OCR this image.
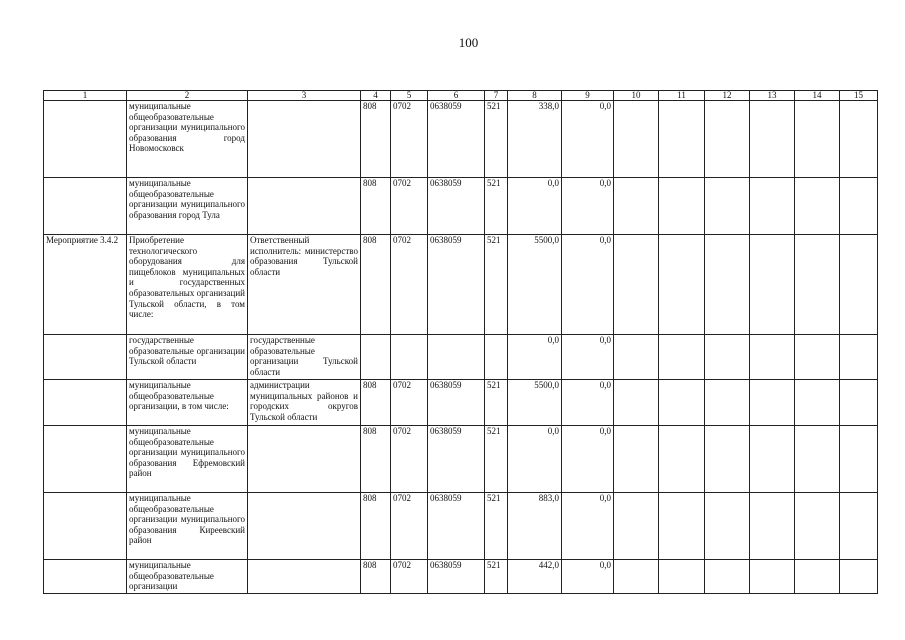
100
1	2	3	4	5	6	7	8	9	10	11	12	13	14	15
	муниципальные общеобразовательные организации муниципального образования город Новомосковск		808	0702	0638059	521	338,0	0,0						
	муниципальные общеобразовательные организации муниципального образования город Тула		808	0702	0638059	521	0,0	0,0						
Мероприятие 3.4.2	Приобретение технологического оборудования для пищеблоков муниципальных и государственных образовательных организаций Тульской области, в том числе:	Ответственный исполнитель: министерство образования Тульской области	808	0702	0638059	521	5500,0	0,0						
	государственные образовательные организации Тульской области	государственные образовательные организации Тульской области					0,0	0,0						
	муниципальные общеобразовательные организации, в том числе:	администрации муниципальных районов и городских округов Тульской области	808	0702	0638059	521	5500,0	0,0						
	муниципальные общеобразовательные организации муниципального образования Ефремовский район		808	0702	0638059	521	0,0	0,0						
	муниципальные общеобразовательные организации муниципального образования Киреевский район		808	0702	0638059	521	883,0	0,0						
	муниципальные общеобразовательные организации		808	0702	0638059	521	442,0	0,0						
